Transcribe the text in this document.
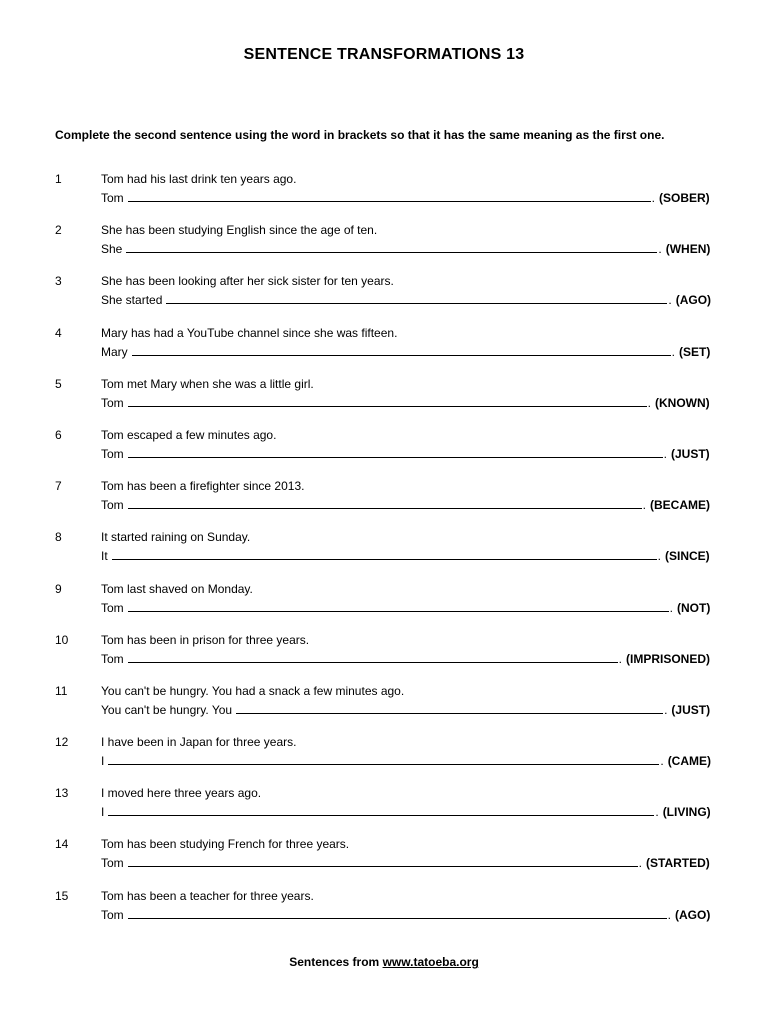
SENTENCE TRANSFORMATIONS 13
Complete the second sentence using the word in brackets so that it has the same meaning as the first one.
1	Tom had his last drink ten years ago.
Tom	. (SOBER)
2	She has been studying English since the age of ten.
She	. (WHEN)
3	She has been looking after her sick sister for ten years.
She started	. (AGO)
4	Mary has had a YouTube channel since she was fifteen.
Mary	. (SET)
5	Tom met Mary when she was a little girl.
Tom	. (KNOWN)
6	Tom escaped a few minutes ago.
Tom	. (JUST)
7	Tom has been a firefighter since 2013.
Tom	. (BECAME)
8	It started raining on Sunday.
It	. (SINCE)
9	Tom last shaved on Monday.
Tom	. (NOT)
10	Tom has been in prison for three years.
Tom	. (IMPRISONED)
11	You can't be hungry. You had a snack a few minutes ago.
You can't be hungry. You	. (JUST)
12	I have been in Japan for three years.
I	. (CAME)
13	I moved here three years ago.
I	. (LIVING)
14	Tom has been studying French for three years.
Tom	. (STARTED)
15	Tom has been a teacher for three years.
Tom	. (AGO)
Sentences from www.tatoeba.org
